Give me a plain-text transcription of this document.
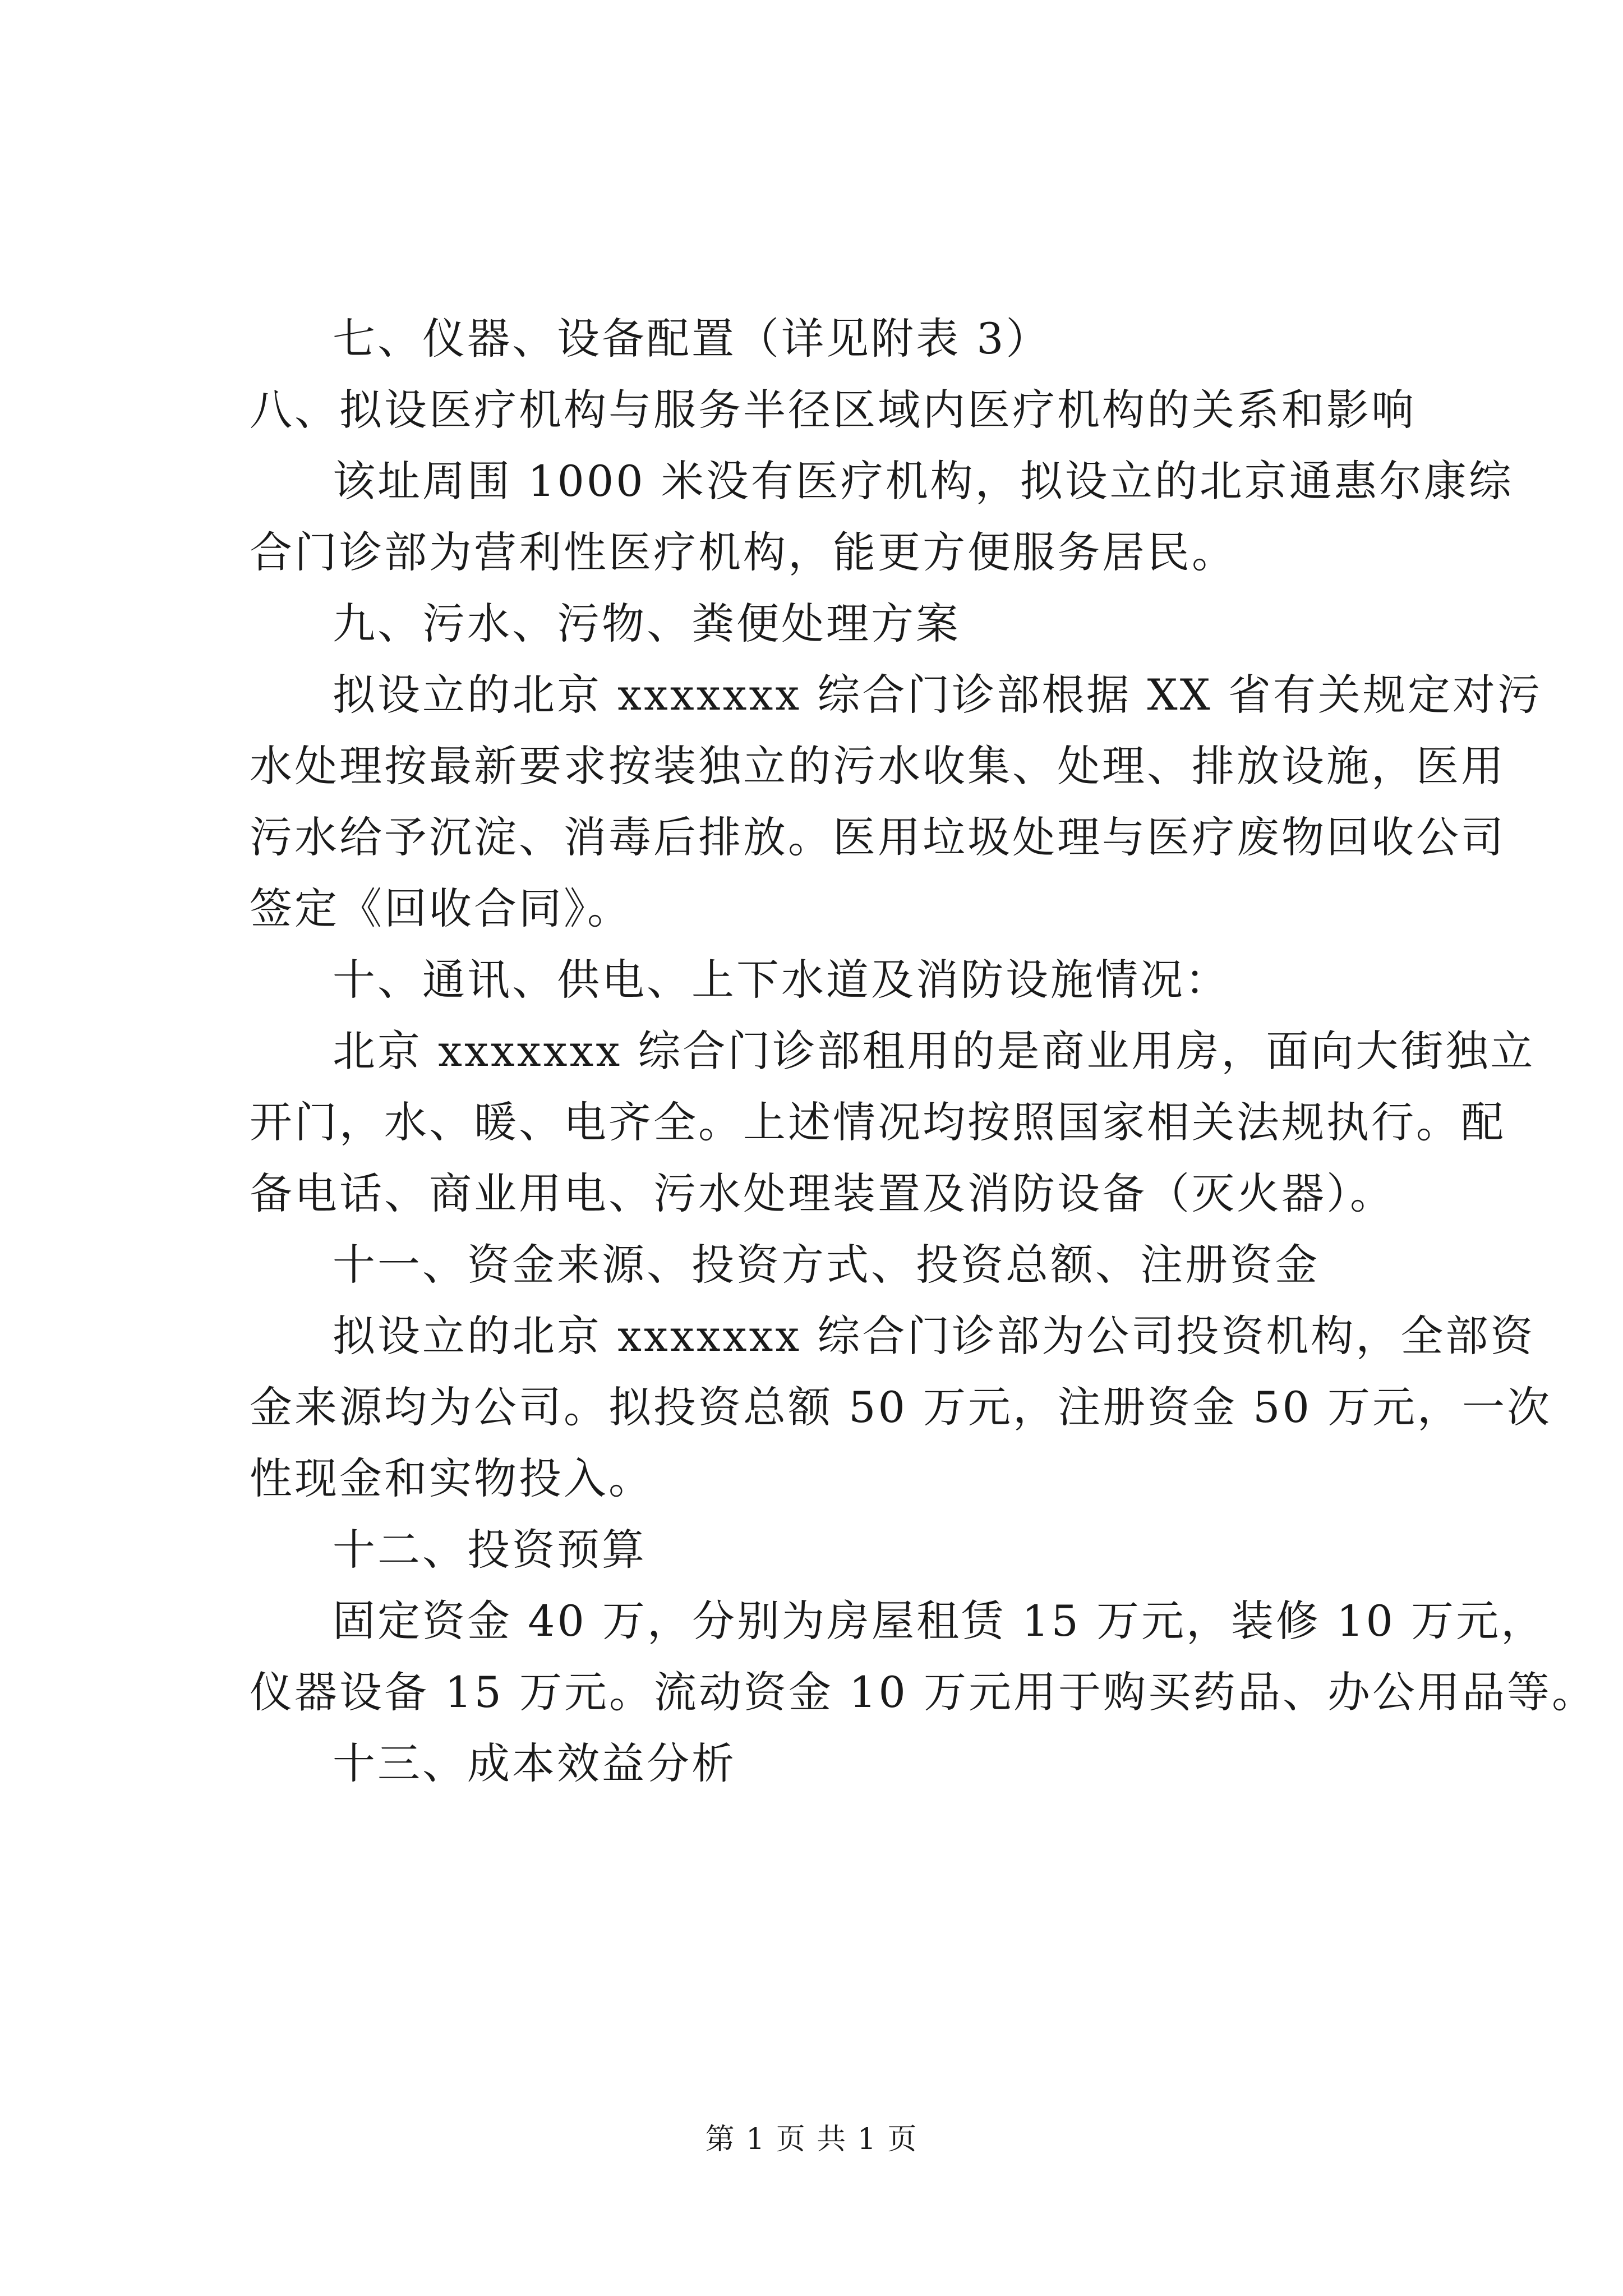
七、仪器、设备配置（详见附表 3）
八、拟设医疗机构与服务半径区域内医疗机构的关系和影响
该址周围 1000 米没有医疗机构，拟设立的北京通惠尔康综
合门诊部为营利性医疗机构，能更方便服务居民。
九、污水、污物、粪便处理方案
拟设立的北京 xxxxxxx 综合门诊部根据 XX 省有关规定对污
水处理按最新要求按装独立的污水收集、处理、排放设施，医用
污水给予沉淀、消毒后排放。医用垃圾处理与医疗废物回收公司
签定《回收合同》。
十、通讯、供电、上下水道及消防设施情况：
北京 xxxxxxx 综合门诊部租用的是商业用房，面向大街独立
开门，水、暖、电齐全。上述情况均按照国家相关法规执行。配
备电话、商业用电、污水处理装置及消防设备（灭火器）。
十一、资金来源、投资方式、投资总额、注册资金
拟设立的北京 xxxxxxx 综合门诊部为公司投资机构，全部资
金来源均为公司。拟投资总额 50 万元，注册资金 50 万元，一次
性现金和实物投入。
十二、投资预算
固定资金 40 万，分别为房屋租赁 15 万元，装修 10 万元，
仪器设备 15 万元。流动资金 10 万元用于购买药品、办公用品等。
十三、成本效益分析
第 1 页 共 1 页
